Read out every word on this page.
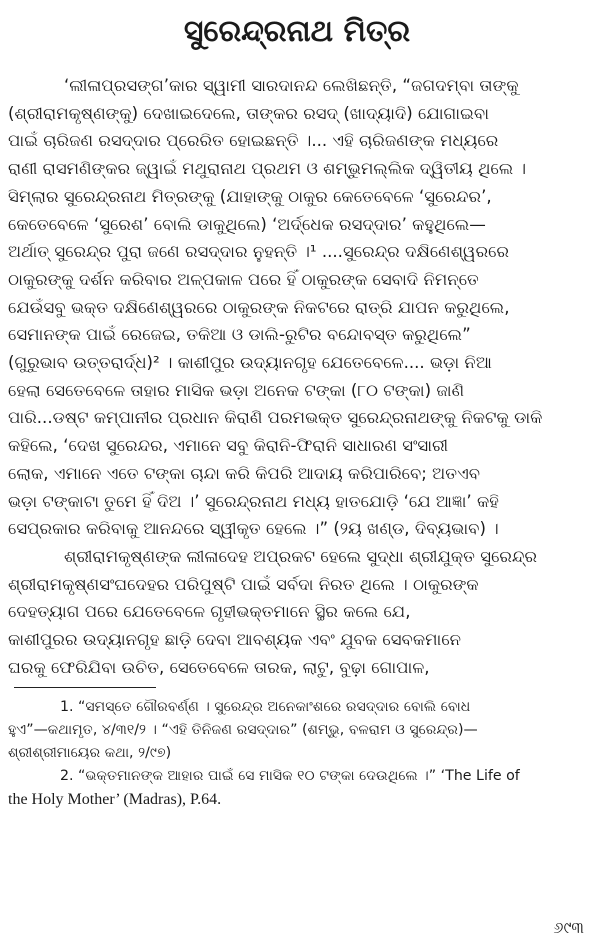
ସୁରେନ୍ଦ୍ରନାଥ ମିତ୍ର

‘ଲୀଳାପ୍ରସଙ୍ଗ’କାର ସ୍ୱାମୀ ସାରଦାନନ୍ଦ ଲେଖିଛନ୍ତି, “ଜଗଦମ୍ବା ତାଙ୍କୁ
(ଶ୍ରୀରାମକୃଷ୍ଣଙ୍କୁ) ଦେଖାଇଦେଲେ, ତାଙ୍କର ରସଦ୍ (ଖାଦ୍ୟାଦି) ଯୋଗାଇବା
ପାଇଁ ଚାରିଜଣ ରସଦ୍‌ଦାର ପ୍ରେରିତ ହୋଇଛନ୍ତି ।... ଏହି ଚାରିଜଣଙ୍କ ମଧ୍ୟରେ
ରାଣୀ ରାସମଣିଙ୍କର ଜ୍ୱାଇଁ ମଥୁରାନାଥ ପ୍ରଥମ ଓ ଶମ୍ଭୁମଲ୍ଲିକ ଦ୍ୱିତୀୟ ଥିଲେ ।
ସିମ୍ଲାର ସୁରେନ୍ଦ୍ରନାଥ ମିତ୍ରଙ୍କୁ (ଯାହାଙ୍କୁ ଠାକୁର କେତେବେଳେ ‘ସୁରେନ୍ଦର’,
କେତେବେଳେ ‘ସୁରେଶ’ ବୋଲି ଡାକୁଥିଲେ) ‘ଅର୍ଦ୍ଧେକ ରସଦ୍‌ଦାର’ କହୁଥିଲେ—
ଅର୍ଥାତ୍ ସୁରେନ୍ଦ୍ର ପୁରା ଜଣେ ରସଦ୍‌ଦାର ନୁହନ୍ତି ।¹ ....ସୁରେନ୍ଦ୍ର ଦକ୍ଷିଣେଶ୍ୱରରେ
ଠାକୁରଙ୍କୁ ଦର୍ଶନ କରିବାର ଅଳ୍ପକାଳ ପରେ ହିଁ ଠାକୁରଙ୍କ ସେବାଦି ନିମନ୍ତେ
ଯେଉଁସବୁ ଭକ୍ତ ଦକ୍ଷିଣେଶ୍ୱରରେ ଠାକୁରଙ୍କ ନିକଟରେ ରାତ୍ରି ଯାପନ କରୁଥିଲେ,
ସେମାନଙ୍କ ପାଇଁ ରେଜେଇ, ତକିଆ ଓ ଡାଲି-ରୁଟିର ବନ୍ଦୋବସ୍ତ କରୁଥିଲେ”
(ଗୁରୁଭାବ ଉତ୍ତରାର୍ଦ୍ଧ)² । କାଶୀପୁର ଉଦ୍ୟାନଗୃହ ଯେତେବେଳେ.... ଭଡ଼ା ନିଆ
ହେଲା ସେତେବେଳେ ତାହାର ମାସିକ ଭଡ଼ା ଅନେକ ଟଙ୍କା (୮୦ ଟଙ୍କା) ଜାଣି
ପାରି...ଡଷ୍ଟ କମ୍ପାନୀର ପ୍ରଧାନ କିରାଣି ପରମଭକ୍ତ ସୁରେନ୍ଦ୍ରନାଥଙ୍କୁ ନିକଟକୁ ଡାକି
କହିଲେ, ‘ଦେଖ ସୁରେନ୍ଦର, ଏମାନେ ସବୁ କିରାନି-ଫିରାନି ସାଧାରଣ ସଂସାରୀ
ଲୋକ, ଏମାନେ ଏତେ ଟଙ୍କା ଚାନ୍ଦା କରି କିପରି ଆଦାୟ କରିପାରିବେ; ଅତଏବ
ଭଡ଼ା ଟଙ୍କାଟା ତୁମେ ହିଁ ଦିଅ ।’ ସୁରେନ୍ଦ୍ରନାଥ ମଧ୍ୟ ହାତଯୋଡ଼ି ‘ଯେ ଆଜ୍ଞା’ କହି
ସେପ୍ରକାର କରିବାକୁ ଆନନ୍ଦରେ ସ୍ୱୀକୃତ ହେଲେ ।” (୨ୟ ଖଣ୍ଡ, ଦିବ୍ୟଭାବ) ।

ଶ୍ରୀରାମକୃଷ୍ଣଙ୍କ ଲୀଳାଦେହ ଅପ୍ରକଟ ହେଲେ ସୁଦ୍ଧା ଶ୍ରୀଯୁକ୍ତ ସୁରେନ୍ଦ୍ର
ଶ୍ରୀରାମକୃଷ୍ଣସଂଘଦେହର ପରିପୁଷ୍ଟି ପାଇଁ ସର୍ବଦା ନିରତ ଥିଲେ । ଠାକୁରଙ୍କ
ଦେହତ୍ୟାଗ ପରେ ଯେତେବେଳେ ଗୃହୀଭକ୍ତମାନେ ସ୍ଥିର କଲେ ଯେ,
କାଶୀପୁରର ଉଦ୍ୟାନଗୃହ ଛାଡ଼ି ଦେବା ଆବଶ୍ୟକ ଏବଂ ଯୁବକ ସେବକମାନେ
ଘରକୁ ଫେରିଯିବା ଉଚିତ, ସେତେବେଳେ ତାରକ, ଲାଟୁ, ବୁଢ଼ା ଗୋପାଳ,

1. “ସମସ୍ତେ ଗୌରବର୍ଣ୍ଣ । ସୁରେନ୍ଦ୍ର ଅନେକାଂଶରେ ରସଦ୍‌ଦାର ବୋଲି ବୋଧ
ହୁଏ”—କଥାମୃତ, ୪/୩୧/୨ । “ଏହି ତିନିଜଣ ରସଦ୍‌ଦାର” (ଶମ୍ଭୁ, ବଳରାମ ଓ ସୁରେନ୍ଦ୍ର)—
ଶ୍ରୀଶ୍ରୀମାୟେର କଥା, ୨/୯୭)

2. “ଭକ୍ତମାନଙ୍କ ଆହାର ପାଇଁ ସେ ମାସିକ ୧୦ ଟଙ୍କା ଦେଉଥିଲେ ।” ‘The Life of
the Holy Mother’ (Madras), P.64.

୬୯୩
